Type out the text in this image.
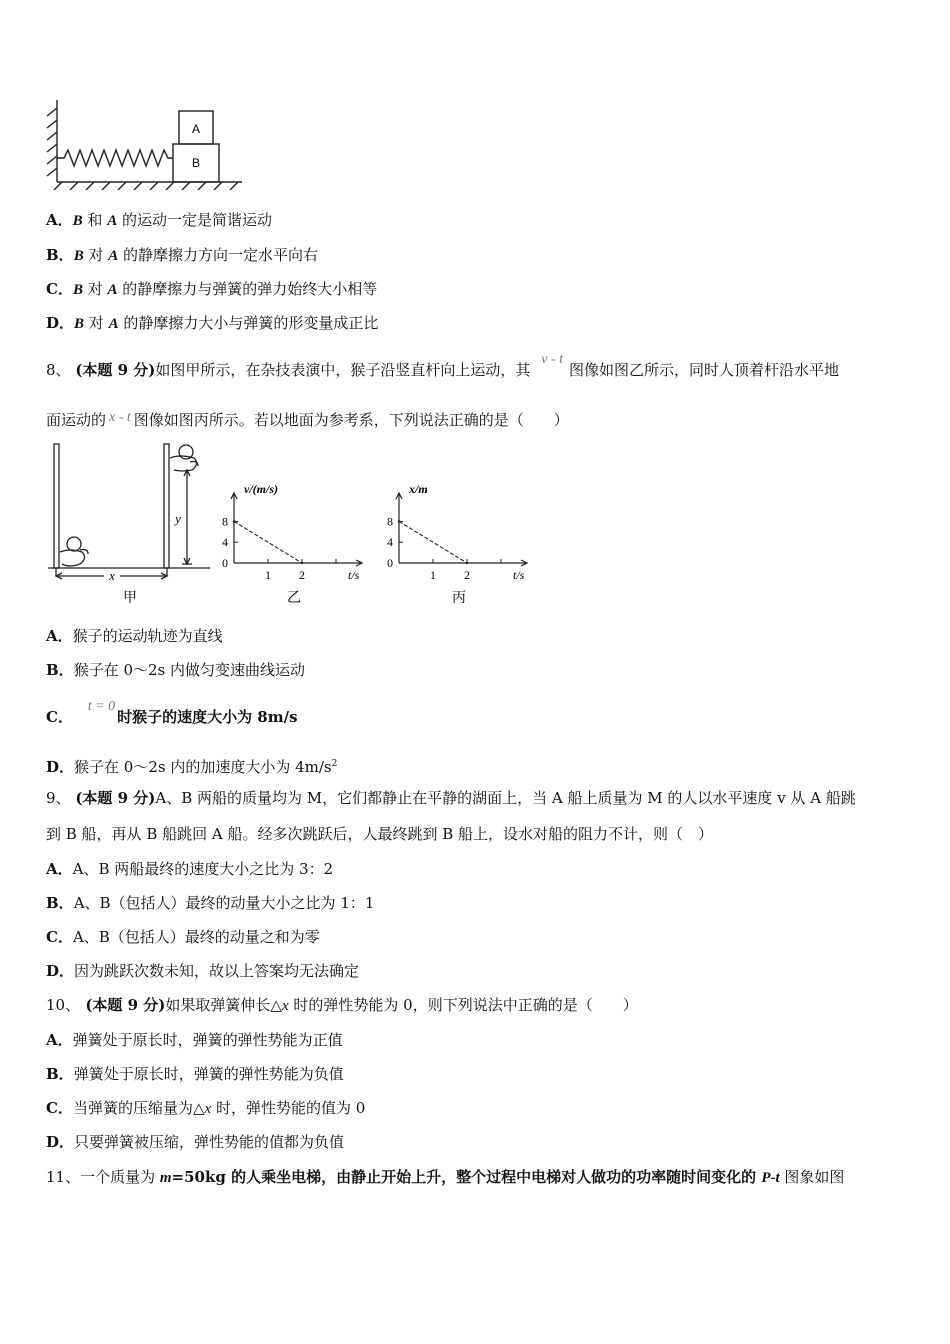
A
B
A．B 和 A 的运动一定是简谐运动
B．B 对 A 的静摩擦力方向一定水平向右
C．B 对 A 的静摩擦力与弹簧的弹力始终大小相等
D．B 对 A 的静摩擦力大小与弹簧的形变量成正比
8、 (本题 9 分)如图甲所示，在杂技表演中，猴子沿竖直杆向上运动，其 v - t图像如图乙所示，同时人顶着杆沿水平地
面运动的 x - t 图像如图丙所示。若以地面为参考系，下列说法正确的是（　　）
x
y
甲
8
4
0
1 2
v/(m/s)
t/s
乙
8
4
0
1 2
x/m
t/s
丙
A．猴子的运动轨迹为直线
B．猴子在 0～2s 内做匀变速曲线运动
C． t = 0时猴子的速度大小为 8m/s
D．猴子在 0～2s 内的加速度大小为 $4m/s^2$
9、 (本题 9 分)A、B 两船的质量均为 M，它们都静止在平静的湖面上，当 A 船上质量为 M 的人以水平速度 v 从 A 船跳
到 B 船，再从 B 船跳回 A 船。经多次跳跃后，人最终跳到 B 船上，设水对船的阻力不计，则（　）
A．A、B 两船最终的速度大小之比为 3：2
B．A、B（包括人）最终的动量大小之比为 1：1
C．A、B（包括人）最终的动量之和为零
D．因为跳跃次数未知，故以上答案均无法确定
10、 (本题 9 分)如果取弹簧伸长△x 时的弹性势能为 0，则下列说法中正确的是（　　）
A．弹簧处于原长时，弹簧的弹性势能为正值
B．弹簧处于原长时，弹簧的弹性势能为负值
C．当弹簧的压缩量为△x 时，弹性势能的值为 0
D．只要弹簧被压缩，弹性势能的值都为负值
11、一个质量为 m=50kg 的人乘坐电梯，由静止开始上升，整个过程中电梯对人做功的功率随时间变化的 P-t 图象如图
